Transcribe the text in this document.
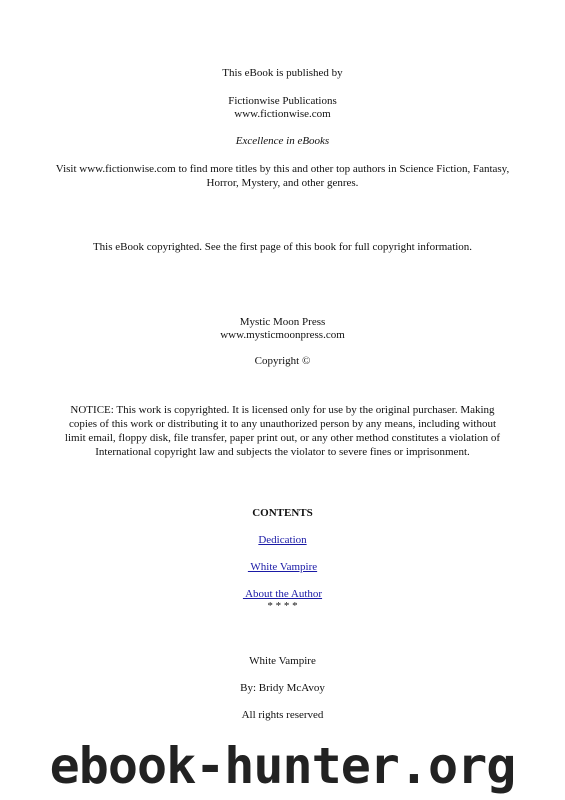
This eBook is published by
Fictionwise Publications
www.fictionwise.com
Excellence in eBooks
Visit www.fictionwise.com to find more titles by this and other top authors in Science Fiction, Fantasy, Horror, Mystery, and other genres.
This eBook copyrighted. See the first page of this book for full copyright information.
Mystic Moon Press
www.mysticmoonpress.com
Copyright ©
NOTICE: This work is copyrighted. It is licensed only for use by the original purchaser. Making copies of this work or distributing it to any unauthorized person by any means, including without limit email, floppy disk, file transfer, paper print out, or any other method constitutes a violation of International copyright law and subjects the violator to severe fines or imprisonment.
CONTENTS
Dedication
White Vampire
About the Author
* * * *
White Vampire
By: Bridy McAvoy
All rights reserved
ebook-hunter.org
